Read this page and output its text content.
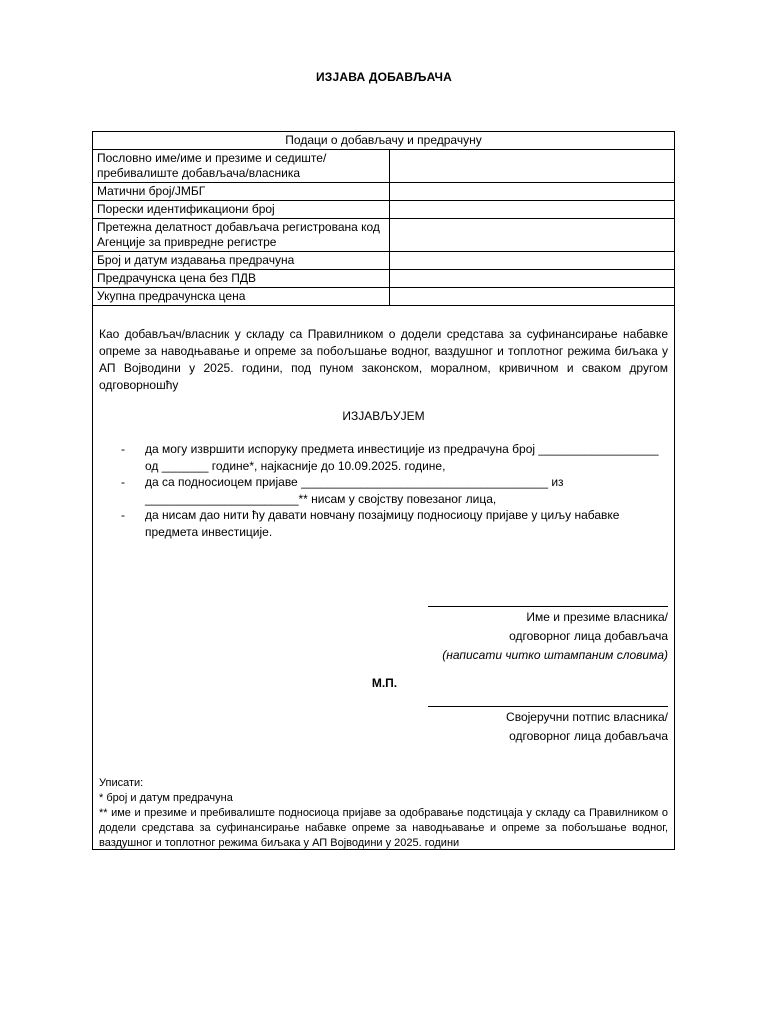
ИЗЈАВА ДОБАВЉАЧА
Подаци о добављачу и предрачуну	
Пословно име/име и презиме и седиште/пребивалиште добављача/власника	
Матични број/ЈМБГ	
Порески идентификациони број	
Претежна делатност добављача регистрована код Агенције за привредне регистре	
Број и датум издавања предрачуна	
Предрачунска цена без ПДВ	
Укупна предрачунска цена	
Као добављач/власник у складу са Правилником о додели средстава за суфинансирање набавке опреме за наводњавање и опреме за побољшање водног, ваздушног и топлотног режима биљака у АП Војводини у 2025. години, под пуном законском, моралном, кривичном и сваком другом одговорношћу
ИЗЈАВЉУЈЕМ
- да могу извршити испоруку предмета инвестиције из предрачуна број __________________ од _______ године*, најкасније до 10.09.2025. године,
- да са подносиоцем пријаве _____________________________________ из _______________________** нисам у својству повезаног лица,
- да нисам дао нити ћу давати новчану позајмицу подносиоцу пријаве у циљу набавке предмета инвестиције.
Име и презиме власника/
одговорног лица добављача
(написати читко штампаним словима)
М.П.
Својеручни потпис власника/
одговорног лица добављача
Уписати:
* број и датум предрачуна
** име и презиме и пребивалиште подносиоца пријаве за одобравање подстицаја у складу са Правилником о додели средстава за суфинансирање набавке опреме за наводњавање и опреме за побољшање водног, ваздушног и топлотног режима биљака у АП Војводини у 2025. години
